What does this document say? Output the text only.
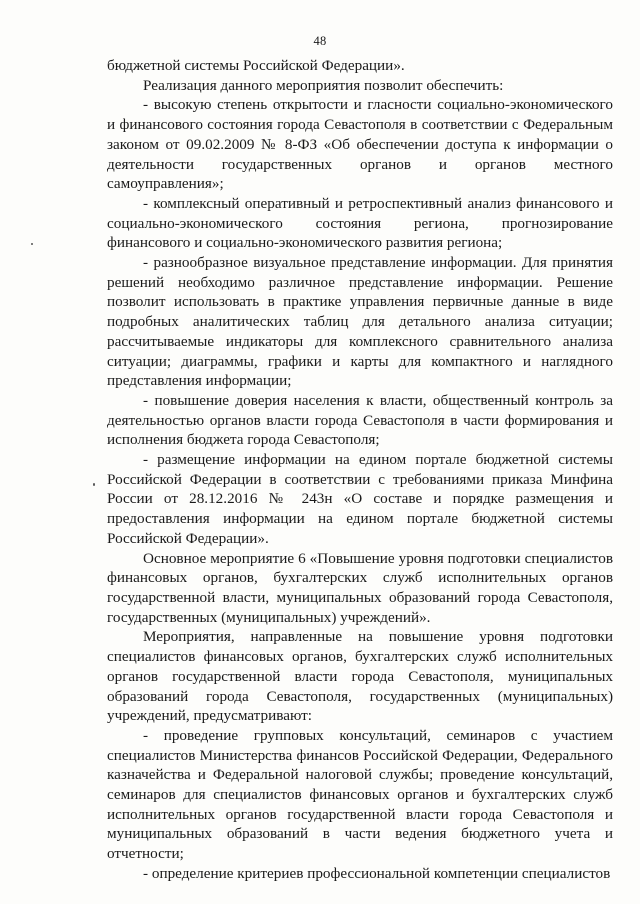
48

бюджетной системы Российской Федерации».

Реализация данного мероприятия позволит обеспечить:

- высокую степень открытости и гласности социально-экономического и финансового состояния города Севастополя в соответствии с Федеральным законом от 09.02.2009 № 8-ФЗ «Об обеспечении доступа к информации о деятельности государственных органов и органов местного самоуправления»;

- комплексный оперативный и ретроспективный анализ финансового и социально-экономического состояния региона, прогнозирование финансового и социально-экономического развития региона;

- разнообразное визуальное представление информации. Для принятия решений необходимо различное представление информации. Решение позволит использовать в практике управления первичные данные в виде подробных аналитических таблиц для детального анализа ситуации; рассчитываемые индикаторы для комплексного сравнительного анализа ситуации; диаграммы, графики и карты для компактного и наглядного представления информации;

- повышение доверия населения к власти, общественный контроль за деятельностью органов власти города Севастополя в части формирования и исполнения бюджета города Севастополя;

- размещение информации на едином портале бюджетной системы Российской Федерации в соответствии с требованиями приказа Минфина России от 28.12.2016 № 243н «О составе и порядке размещения и предоставления информации на едином портале бюджетной системы Российской Федерации».

Основное мероприятие 6 «Повышение уровня подготовки специалистов финансовых органов, бухгалтерских служб исполнительных органов государственной власти, муниципальных образований города Севастополя, государственных (муниципальных) учреждений».

Мероприятия, направленные на повышение уровня подготовки специалистов финансовых органов, бухгалтерских служб исполнительных органов государственной власти города Севастополя, муниципальных образований города Севастополя, государственных (муниципальных) учреждений, предусматривают:

- проведение групповых консультаций, семинаров с участием специалистов Министерства финансов Российской Федерации, Федерального казначейства и Федеральной налоговой службы; проведение консультаций, семинаров для специалистов финансовых органов и бухгалтерских служб исполнительных органов государственной власти города Севастополя и муниципальных образований в части ведения бюджетного учета и отчетности;

- определение критериев профессиональной компетенции специалистов
